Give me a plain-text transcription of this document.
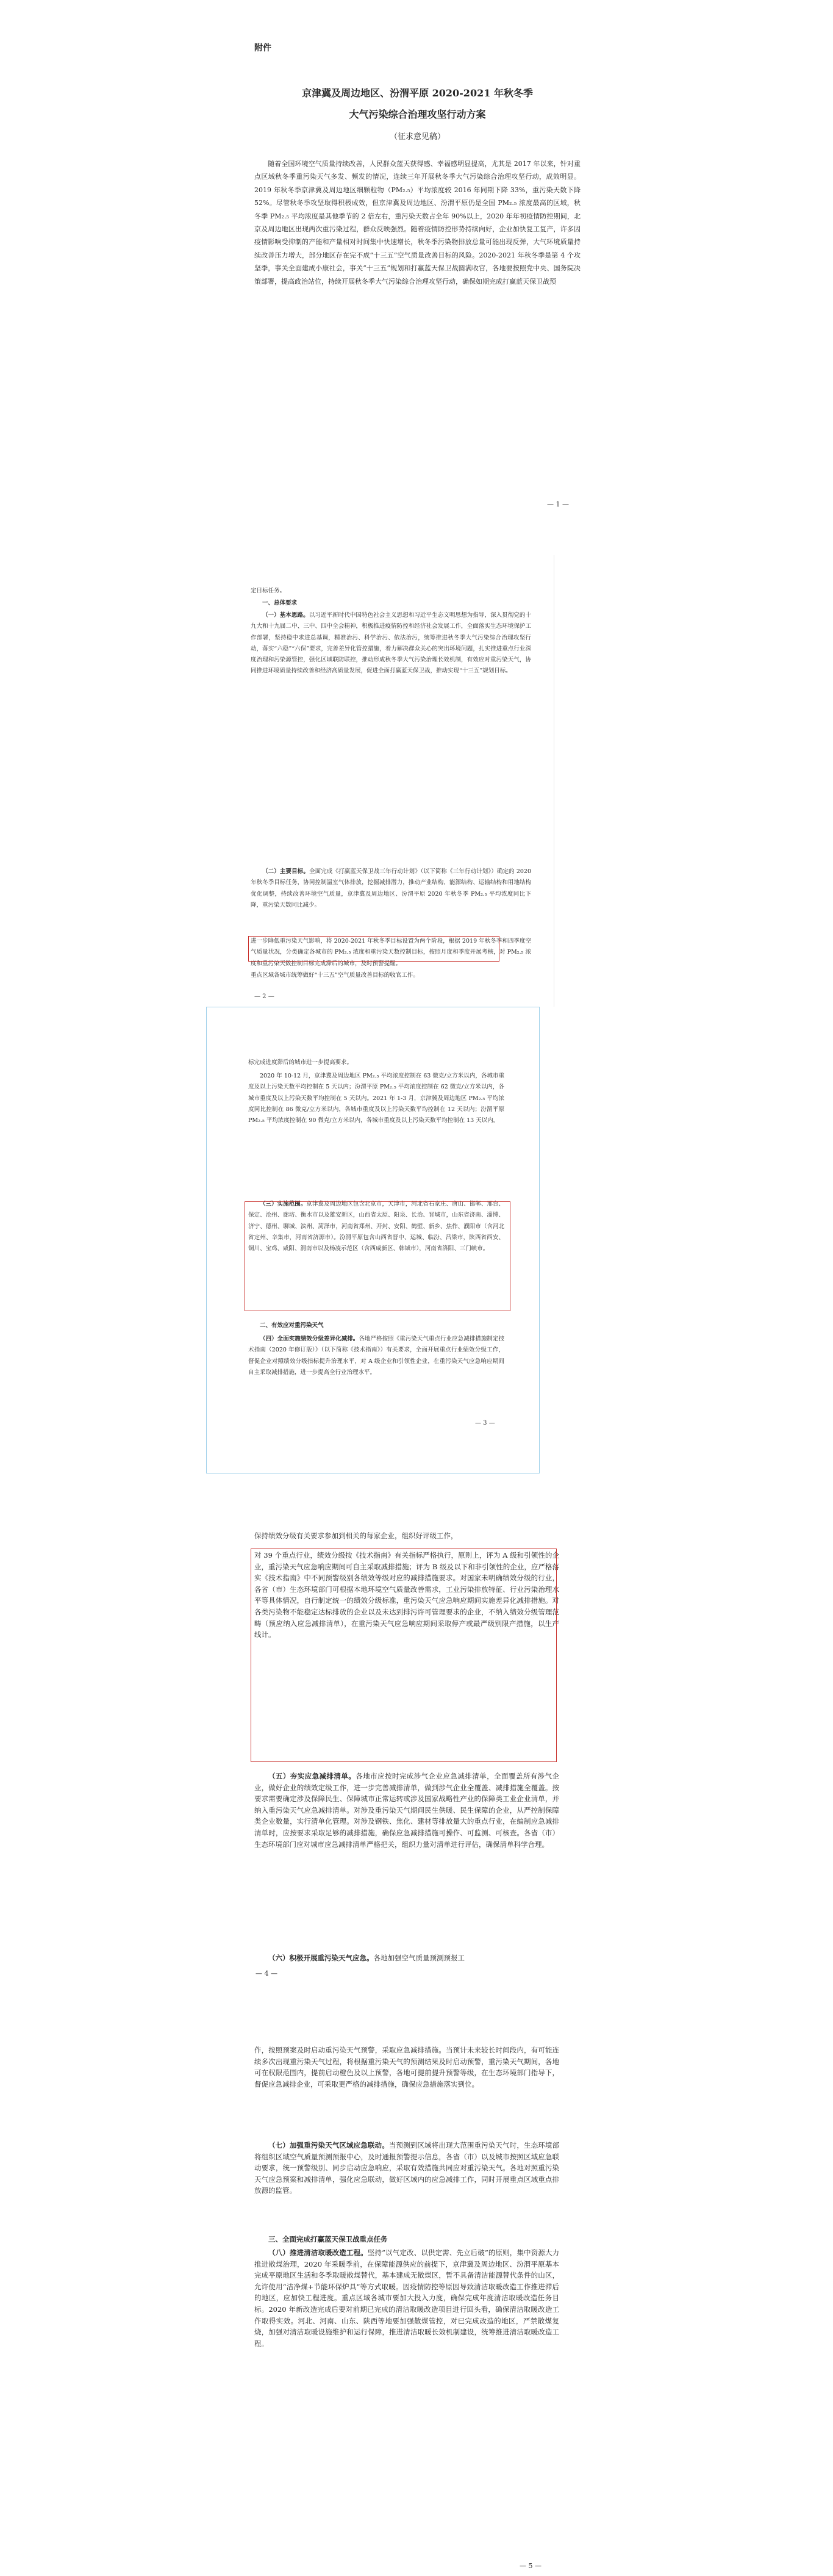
附件
京津冀及周边地区、汾渭平原 2020-2021 年秋冬季
大气污染综合治理攻坚行动方案
（征求意见稿）

随着全国环境空气质量持续改善，人民群众蓝天获得感、幸福感明显提高，尤其是 2017 年以来，针对重点区域秋冬季重污染天气多发、频发的情况，连续三年开展秋冬季大气污染综合治理攻坚行动，成效明显。2019 年秋冬季京津冀及周边地区细颗粒物（PM₂.₅）平均浓度较 2016 年同期下降 33%，重污染天数下降 52%。尽管秋冬季攻坚取得积极成效，但京津冀及周边地区、汾渭平原仍是全国 PM₂.₅ 浓度最高的区域，秋冬季 PM₂.₅ 平均浓度是其他季节的 2 倍左右，重污染天数占全年 90%以上，2020 年年初疫情防控期间，北京及周边地区出现两次重污染过程，群众反映强烈。随着疫情防控形势持续向好，企业加快复工复产，许多因疫情影响受抑制的产能和产量相对时间集中快速增长，秋冬季污染物排放总量可能出现反弹，大气环境质量持续改善压力增大，部分地区存在完不成“十三五”空气质量改善目标的风险。2020-2021 年秋冬季是第 4 个攻坚季，事关全面建成小康社会，事关“十三五”规划和打赢蓝天保卫战圆满收官，各地要按照党中央、国务院决策部署，提高政治站位，持续开展秋冬季大气污染综合治理攻坚行动，确保如期完成打赢蓝天保卫战预

— 1 —

定目标任务。

一、总体要求

（一）基本思路。以习近平新时代中国特色社会主义思想和习近平生态文明思想为指导，深入贯彻党的十九大和十九届二中、三中、四中全会精神，积极推进疫情防控和经济社会发展工作，全面落实生态环境保护工作部署，坚持稳中求进总基调，精准治污、科学治污、依法治污，统筹推进秋冬季大气污染综合治理攻坚行动，落实“六稳”“六保”要求，完善差异化管控措施，着力解决群众关心的突出环境问题，扎实推进重点行业深度治理和污染源管控，强化区域联防联控，推动形成秋冬季大气污染治理长效机制，有效应对重污染天气，协同推进环境质量持续改善和经济高质量发展，促进全面打赢蓝天保卫战，推动实现“十三五”规划目标。

（二）主要目标。全面完成《打赢蓝天保卫战三年行动计划》（以下简称《三年行动计划》）确定的 2020 年秋冬季目标任务，协同控制温室气体排放，挖掘减排潜力，推动产业结构、能源结构、运输结构和用地结构优化调整，持续改善环境空气质量，京津冀及周边地区、汾渭平原 2020 年秋冬季 PM₂.₅ 平均浓度同比下降，重污染天数同比减少。

进一步降低重污染天气影响，将 2020-2021 年秋冬季目标设置为两个阶段，根据 2019 年秋冬季和四季度空气质量状况，分类确定各城市的 PM₂.₅ 浓度和重污染天数控制目标，按照月度和季度开展考核，对 PM₂.₅ 浓度和重污染天数控制目标完成滞后的城市，及时预警提醒。

重点区域各城市统筹做好“十三五”空气质量改善目标的收官工作。

— 2 —

标完成进度滞后的城市进一步提高要求。

2020 年 10-12 月，京津冀及周边地区 PM₂.₅ 平均浓度控制在 63 微克/立方米以内，各城市重度及以上污染天数平均控制在 5 天以内；汾渭平原 PM₂.₅ 平均浓度控制在 62 微克/立方米以内，各城市重度及以上污染天数平均控制在 5 天以内。2021 年 1-3 月，京津冀及周边地区 PM₂.₅ 平均浓度同比控制在 86 微克/立方米以内，各城市重度及以上污染天数平均控制在 12 天以内；汾渭平原 PM₂.₅ 平均浓度控制在 90 微克/立方米以内，各城市重度及以上污染天数平均控制在 13 天以内。

（三）实施范围。京津冀及周边地区包含北京市，天津市，河北省石家庄、唐山、邯郸、邢台、保定、沧州、廊坊、衡水市以及雄安新区，山西省太原、阳泉、长治、晋城市，山东省济南、淄博、济宁、德州、聊城、滨州、菏泽市，河南省郑州、开封、安阳、鹤壁、新乡、焦作、濮阳市（含河北省定州、辛集市，河南省济源市）。汾渭平原包含山西省晋中、运城、临汾、吕梁市，陕西省西安、铜川、宝鸡、咸阳、渭南市以及杨凌示范区（含西咸新区、韩城市），河南省洛阳、三门峡市。

二、有效应对重污染天气

（四）全面实施绩效分级差异化减排。各地严格按照《重污染天气重点行业应急减排措施制定技术指南（2020 年修订版）》（以下简称《技术指南》）有关要求，全面开展重点行业绩效分级工作，督促企业对照绩效分级指标提升治理水平，对 A 级企业和引领性企业，在重污染天气应急响应期间自主采取减排措施，进一步提高全行业治理水平。

— 3 —

保持绩效分级有关要求参加到相关的每家企业，组织好评级工作，

对 39 个重点行业，绩效分级按《技术指南》有关指标严格执行，原则上，评为 A 级和引领性的企业，重污染天气应急响应期间可自主采取减排措施；评为 B 级及以下和非引领性的企业，应严格落实《技术指南》中不同预警级别各绩效等级对应的减排措施要求。对国家未明确绩效分级的行业，各省（市）生态环境部门可根据本地环境空气质量改善需求，工业污染排放特征、行业污染治理水平等具体情况，自行制定统一的绩效分级标准，重污染天气应急响应期间实施差异化减排措施。对各类污染物不能稳定达标排放的企业以及未达到排污许可管理要求的企业，不纳入绩效分级管理范畴（预应纳入应急减排清单），在重污染天气应急响应期间采取停产或最严级别限产措施，以生产线计。

（五）夯实应急减排清单。各地市应按时完成涉气企业应急减排清单，全面覆盖所有涉气企业，做好企业的绩效定级工作，进一步完善减排清单，做到涉气企业全覆盖、减排措施全覆盖。按要求需要确定涉及保障民生、保障城市正常运转或涉及国家战略性产业的保障类工业企业清单，并纳入重污染天气应急减排清单。对涉及重污染天气期间民生供暖、民生保障的企业，从严控制保障类企业数量，实行清单化管理。对涉及钢铁、焦化、建材等排放量大的重点行业，在编制应急减排清单时，应按要求采取足够的减排措施，确保应急减排措施可操作、可监测、可核查。各省（市）生态环境部门应对城市应急减排清单严格把关，组织力量对清单进行评估，确保清单科学合理。

（六）积极开展重污染天气应急。各地加强空气质量预测预报工

— 4 —

作，按照预案及时启动重污染天气预警，采取应急减排措施。当预计未来较长时间段内，有可能连续多次出现重污染天气过程，将根据重污染天气的预测结果及时启动预警，重污染天气期间，各地可在权限范围内，提前启动橙色及以上预警，各地可提前提升预警等级，在生态环境部门指导下，督促应急减排企业，可采取更严格的减排措施，确保应急措施落实到位。

（七）加强重污染天气区域应急联动。当预测到区域将出现大范围重污染天气时，生态环境部将组织区域空气质量预测预报中心，及时通报预警提示信息，各省（市）以及城市按照区域应急联动要求，统一预警级别、同步启动应急响应，采取有效措施共同应对重污染天气。各地对照重污染天气应急预案和减排清单，强化应急联动，做好区域内的应急减排工作，同时开展重点区域重点排放源的监管。

三、全面完成打赢蓝天保卫战重点任务

（八）推进清洁取暖改造工程。坚持“以气定改、以供定需、先立后破”的原则，集中资源大力推进散煤治理，2020 年采暖季前，在保障能源供应的前提下，京津冀及周边地区、汾渭平原基本完成平原地区生活和冬季取暖散煤替代，基本建成无散煤区，暂不具备清洁能源替代条件的山区，允许使用“洁净煤+节能环保炉具”等方式取暖。因疫情防控等原因导致清洁取暖改造工作推进滞后的地区，应加快工程进度。重点区域各城市要加大投入力度，确保完成年度清洁取暖改造任务目标。2020 年新改造完成后要对前期已完成的清洁取暖改造项目进行回头看，确保清洁取暖改造工作取得实效。河北、河南、山东、陕西等地要加强散煤管控，对已完成改造的地区，严禁散煤复烧，加强对清洁取暖设施维护和运行保障，推进清洁取暖长效机制建设，统筹推进清洁取暖改造工程。

— 5 —
